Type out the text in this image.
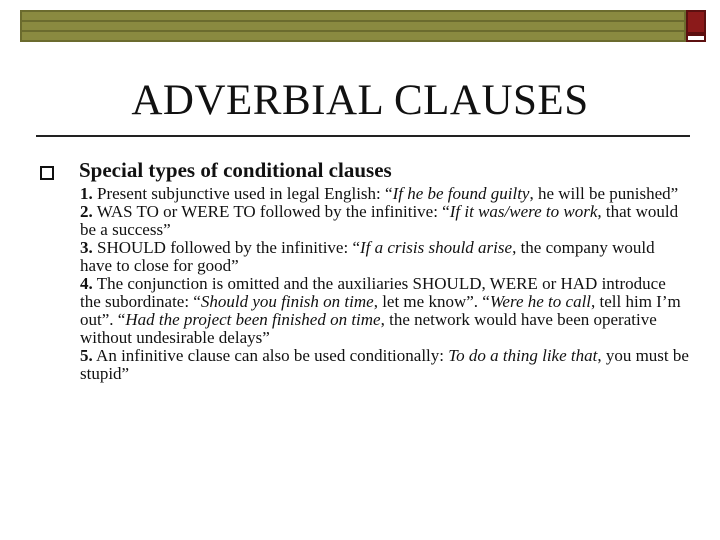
ADVERBIAL CLAUSES
Special types of conditional clauses

1. Present subjunctive used in legal English: “If he be found guilty, he will be punished”

2. WAS TO or WERE TO followed by the infinitive: “If it was/were to work, that would be a success”

3. SHOULD followed by the infinitive: “If a crisis should arise, the company would have to close for good”

4. The conjunction is omitted and the auxiliaries SHOULD, WERE or HAD introduce the subordinate: “Should you finish on time, let me know”. “Were he to call, tell him I’m out”. “Had the project been finished on time, the network would have been operative without undesirable delays”

5. An infinitive clause can also be used conditionally: To do a thing like that, you must be stupid”
